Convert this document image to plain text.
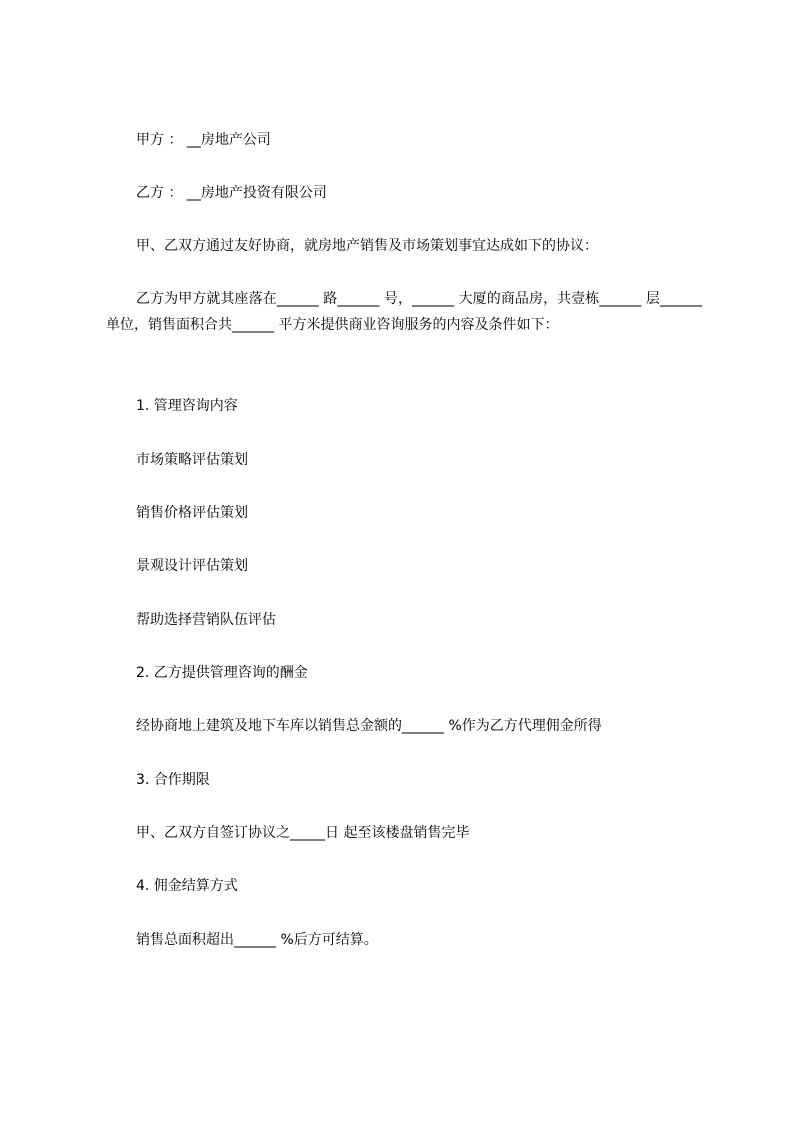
甲方 ： __房地产公司
乙方 ： __房地产投资有限公司
甲、乙双方通过友好协商，就房地产销售及市场策划事宜达成如下的协议：
乙方为甲方就其座落在______ 路______ 号，______ 大厦的商品房，共壹栋______ 层______单位，销售面积合共______ 平方米提供商业咨询服务的内容及条件如下：
1. 管理咨询内容
市场策略评估策划
销售价格评估策划
景观设计评估策划
帮助选择营销队伍评估
2. 乙方提供管理咨询的酬金
经协商地上建筑及地下车库以销售总金额的______ %作为乙方代理佣金所得
3. 合作期限
甲、乙双方自签订协议之_____日 起至该楼盘销售完毕
4. 佣金结算方式
销售总面积超出______ %后方可结算。
